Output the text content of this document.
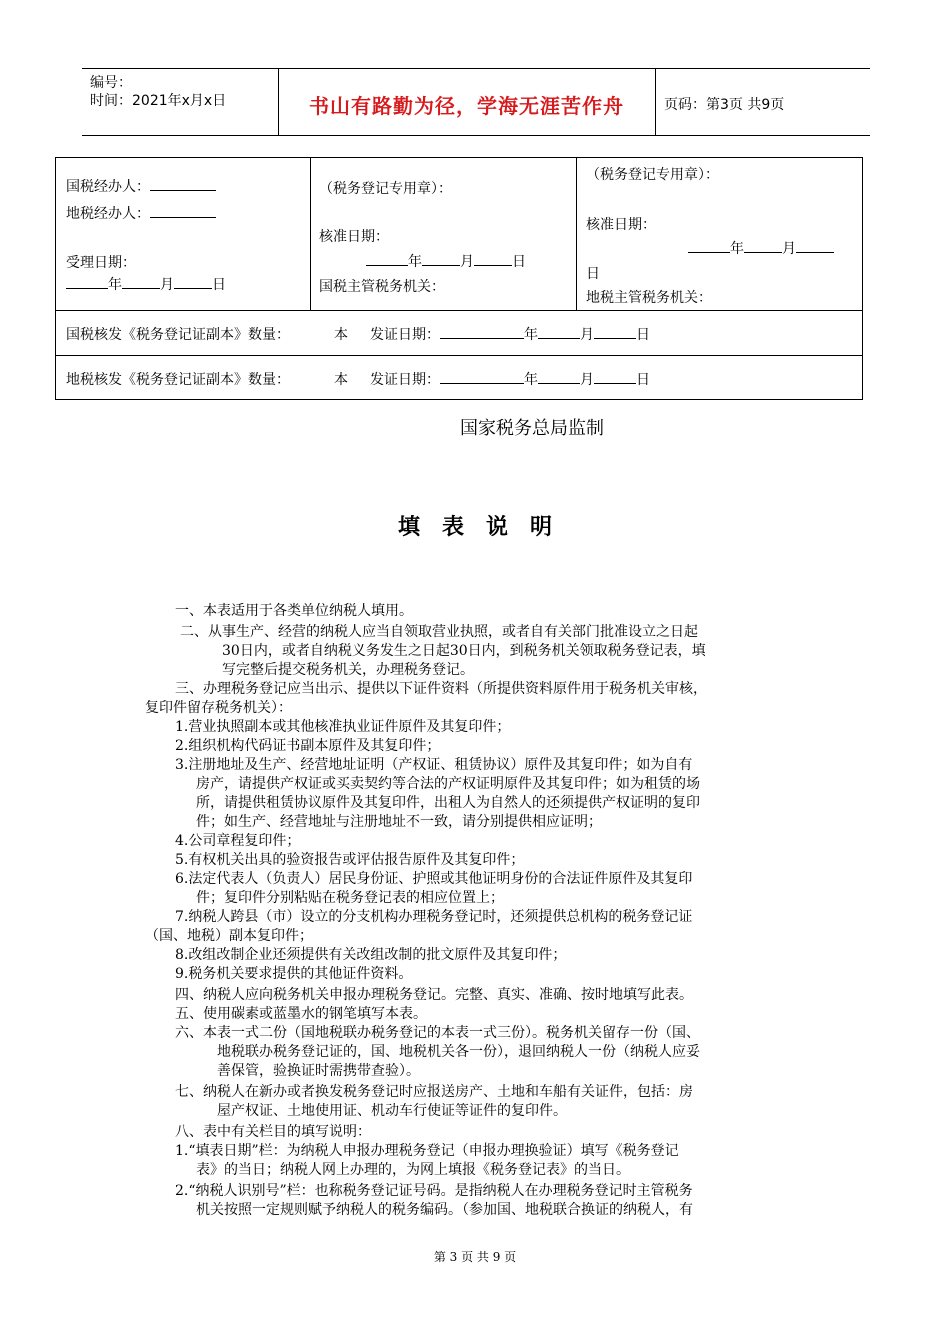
编号：
时间：2021年x月x日	书山有路勤为径，学海无涯苦作舟	页码：第3页 共9页
国税经办人：
地税经办人：
受理日期：
年	月	日
（税务登记专用章）：
核准日期：
年	月	日
国税主管税务机关：
（税务登记专用章）：
核准日期：
年	月
日
地税主管税务机关：
国税核发《税务登记证副本》数量：	本 发证日期：	年	月	日
地税核发《税务登记证副本》数量：	本 发证日期：	年	月	日
国家税务总局监制
填表说明
一、本表适用于各类单位纳税人填用。
二、从事生产、经营的纳税人应当自领取营业执照，或者自有关部门批准设立之日起
30日内，或者自纳税义务发生之日起30日内，到税务机关领取税务登记表，填
写完整后提交税务机关，办理税务登记。
三、办理税务登记应当出示、提供以下证件资料（所提供资料原件用于税务机关审核，
复印件留存税务机关）：
1.营业执照副本或其他核准执业证件原件及其复印件；
2.组织机构代码证书副本原件及其复印件；
3.注册地址及生产、经营地址证明（产权证、租赁协议）原件及其复印件；如为自有
房产，请提供产权证或买卖契约等合法的产权证明原件及其复印件；如为租赁的场
所，请提供租赁协议原件及其复印件，出租人为自然人的还须提供产权证明的复印
件；如生产、经营地址与注册地址不一致，请分别提供相应证明；
4.公司章程复印件；
5.有权机关出具的验资报告或评估报告原件及其复印件；
6.法定代表人（负责人）居民身份证、护照或其他证明身份的合法证件原件及其复印
件；复印件分别粘贴在税务登记表的相应位置上；
7.纳税人跨县（市）设立的分支机构办理税务登记时，还须提供总机构的税务登记证
（国、地税）副本复印件；
8.改组改制企业还须提供有关改组改制的批文原件及其复印件；
9.税务机关要求提供的其他证件资料。
四、纳税人应向税务机关申报办理税务登记。完整、真实、准确、按时地填写此表。
五、使用碳素或蓝墨水的钢笔填写本表。
六、本表一式二份（国地税联办税务登记的本表一式三份）。税务机关留存一份（国、
地税联办税务登记证的，国、地税机关各一份），退回纳税人一份（纳税人应妥
善保管，验换证时需携带查验）。
七、纳税人在新办或者换发税务登记时应报送房产、土地和车船有关证件，包括：房
屋产权证、土地使用证、机动车行使证等证件的复印件。
八、表中有关栏目的填写说明：
1.“填表日期”栏：为纳税人申报办理税务登记（申报办理换验证）填写《税务登记
表》的当日；纳税人网上办理的，为网上填报《税务登记表》的当日。
2.“纳税人识别号”栏：也称税务登记证号码。是指纳税人在办理税务登记时主管税务
机关按照一定规则赋予纳税人的税务编码。（参加国、地税联合换证的纳税人，有
第 3 页 共 9 页
